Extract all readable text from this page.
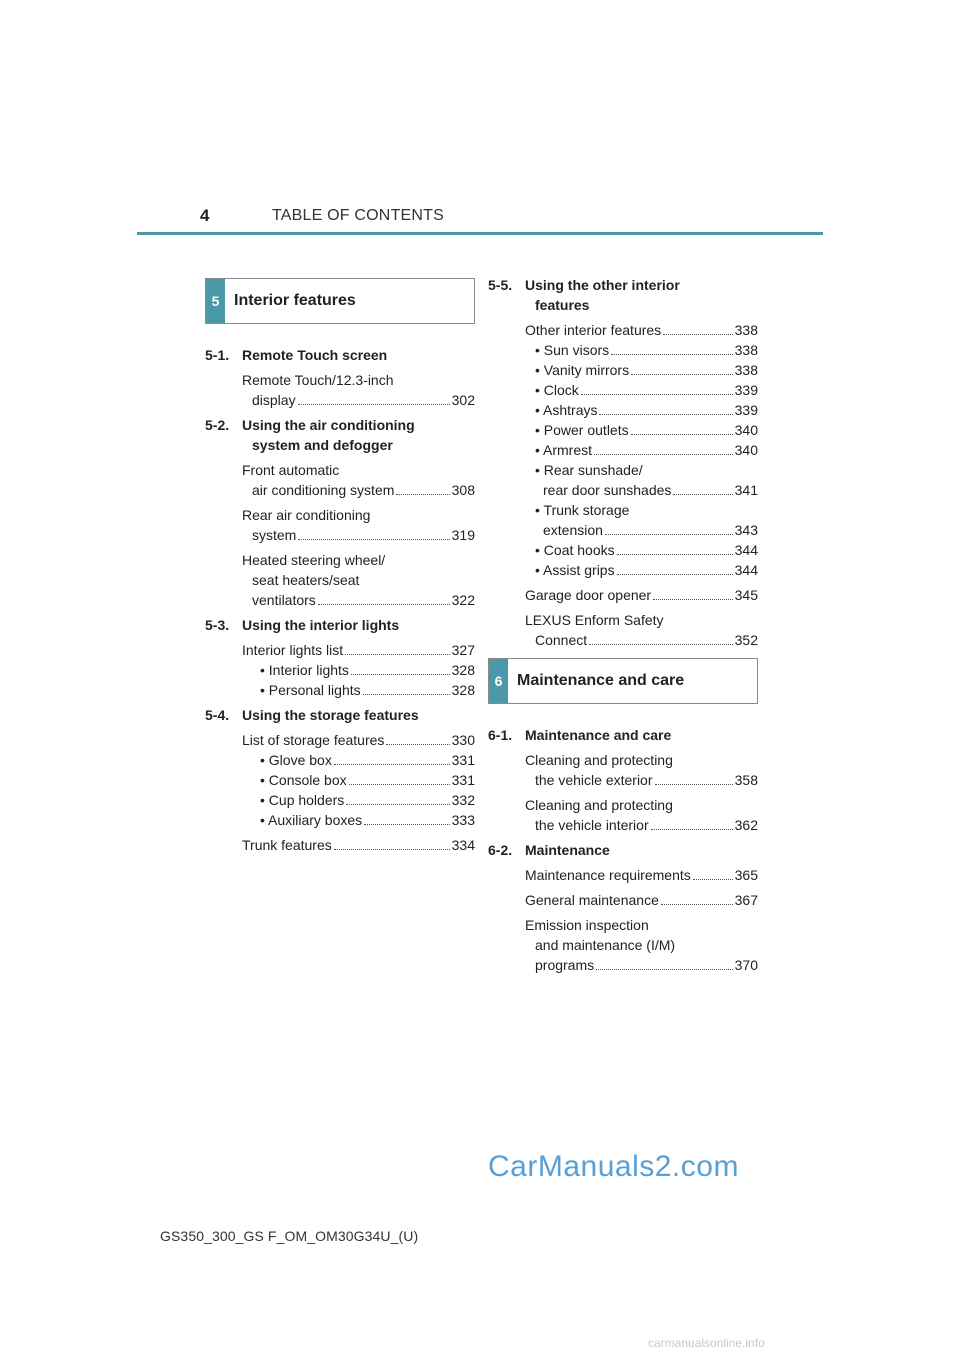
4	TABLE OF CONTENTS
5 Interior features
5-1. Remote Touch screen
Remote Touch/12.3-inch
display	302
5-2. Using the air conditioning
system and defogger
Front automatic
air conditioning system	308
Rear air conditioning
system	319
Heated steering wheel/
seat heaters/seat
ventilators	322
5-3. Using the interior lights
Interior lights list	327
• Interior lights	328
• Personal lights	328
5-4. Using the storage features
List of storage features	330
• Glove box	331
• Console box	331
• Cup holders	332
• Auxiliary boxes	333
Trunk features	334
5-5. Using the other interior
features
Other interior features	338
• Sun visors	338
• Vanity mirrors	338
• Clock	339
• Ashtrays	339
• Power outlets	340
• Armrest	340
• Rear sunshade/
rear door sunshades	341
• Trunk storage
extension	343
• Coat hooks	344
• Assist grips	344
Garage door opener	345
LEXUS Enform Safety
Connect	352
6 Maintenance and care
6-1. Maintenance and care
Cleaning and protecting
the vehicle exterior	358
Cleaning and protecting
the vehicle interior	362
6-2. Maintenance
Maintenance requirements	365
General maintenance	367
Emission inspection
and maintenance (I/M)
programs	370
CarManuals2.com
GS350_300_GS F_OM_OM30G34U_(U)
carmanualsonline.info
